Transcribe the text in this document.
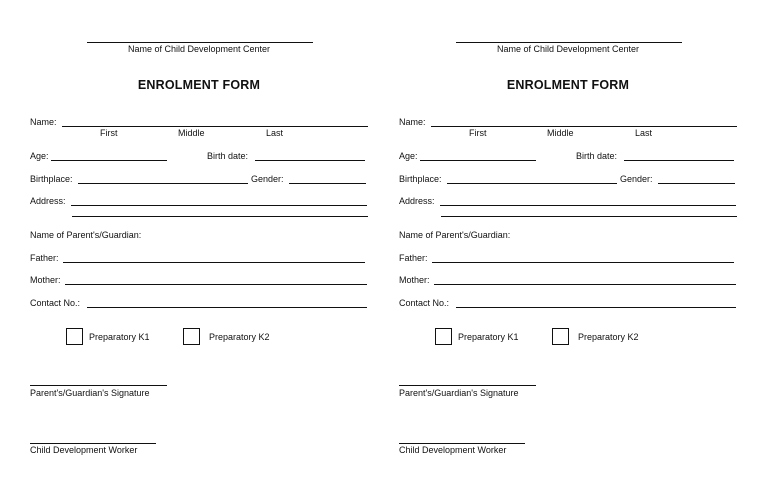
Name of Child Development Center
ENROLMENT FORM
Name:
First	Middle	Last
Age:	Birth date:
Birthplace:	Gender:
Address:
Name of Parent's/Guardian:
Father:
Mother:
Contact No.:
Preparatory K1	Preparatory K2
Parent's/Guardian's Signature
Child Development Worker
Name of Child Development Center
ENROLMENT FORM
Name:
First	Middle	Last
Age:	Birth date:
Birthplace:	Gender:
Address:
Name of Parent's/Guardian:
Father:
Mother:
Contact No.:
Preparatory K1	Preparatory K2
Parent's/Guardian's Signature
Child Development Worker
